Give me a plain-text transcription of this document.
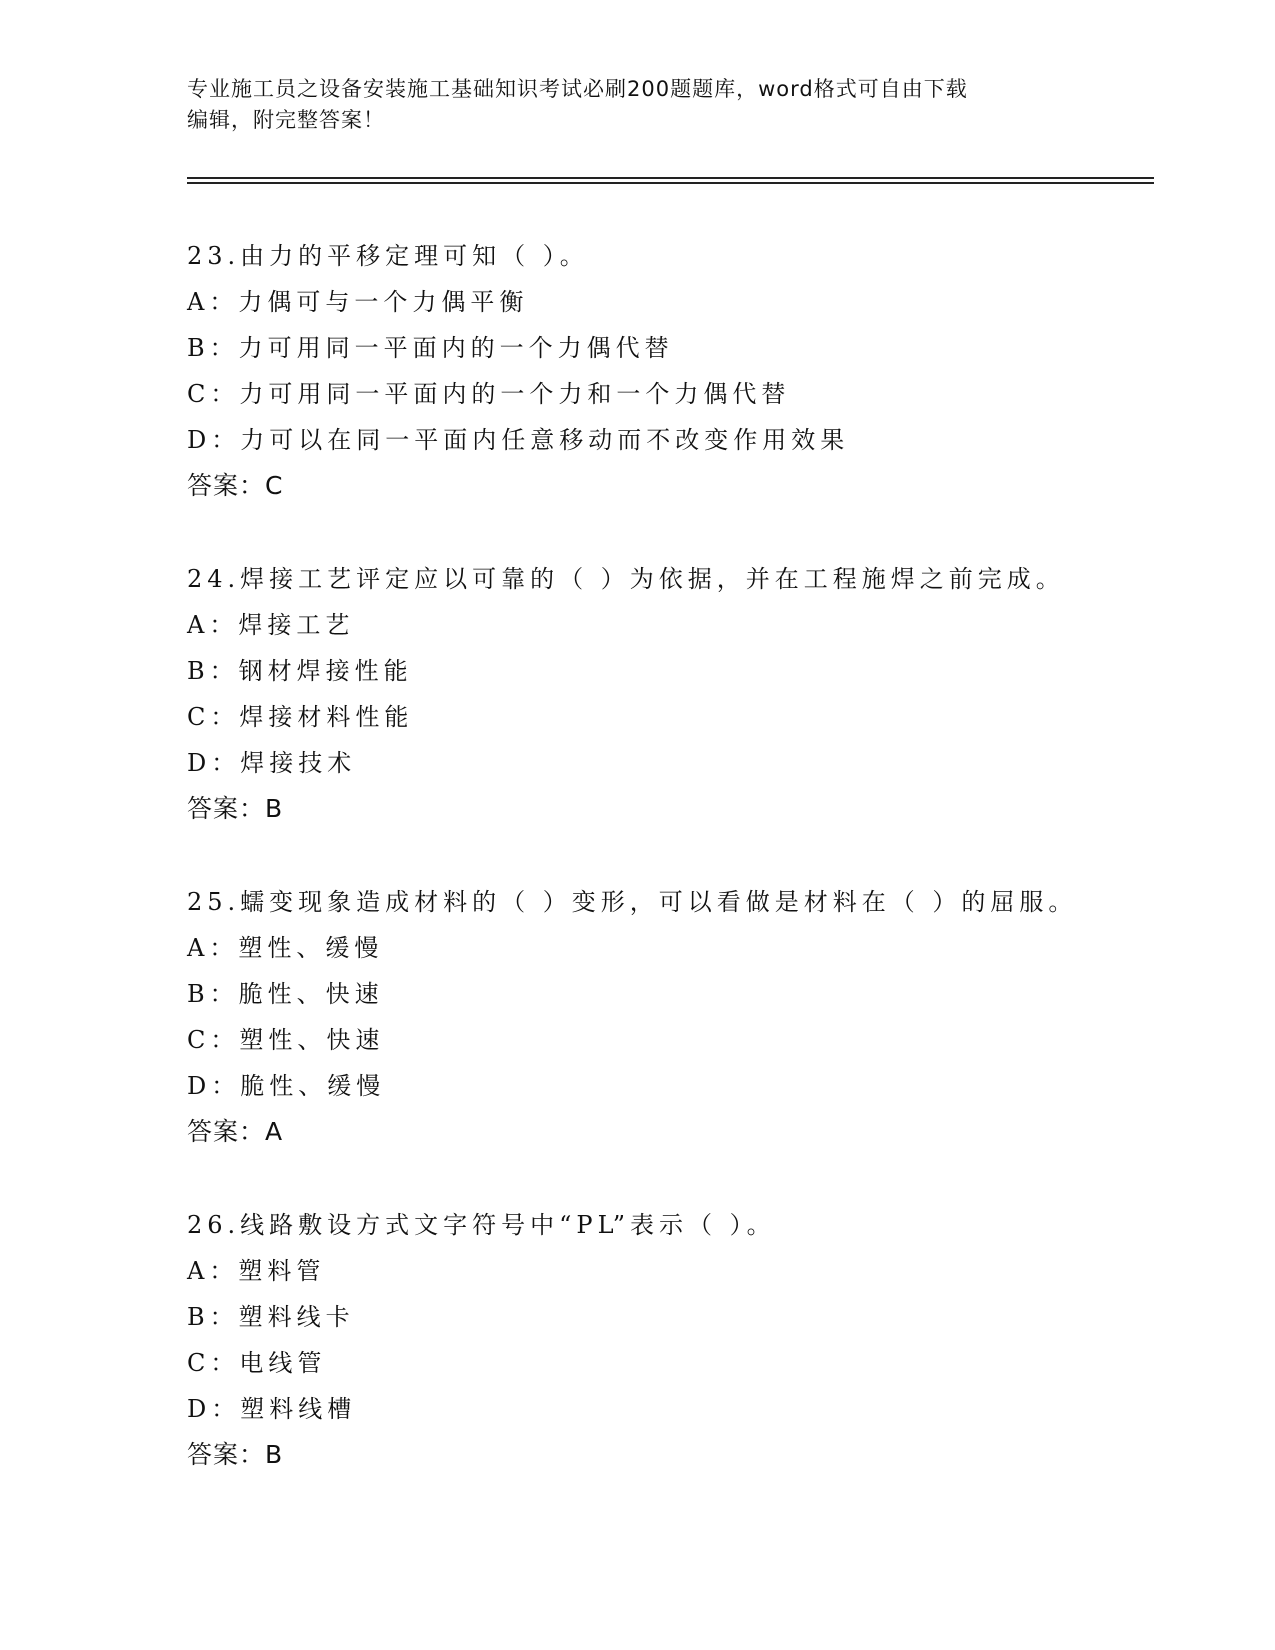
专业施工员之设备安装施工基础知识考试必刷200题题库，word格式可自由下载
编辑，附完整答案！
23.由力的平移定理可知（ ）。
A：力偶可与一个力偶平衡
B：力可用同一平面内的一个力偶代替
C：力可用同一平面内的一个力和一个力偶代替
D：力可以在同一平面内任意移动而不改变作用效果
答案：C
24.焊接工艺评定应以可靠的（ ）为依据，并在工程施焊之前完成。
A：焊接工艺
B：钢材焊接性能
C：焊接材料性能
D：焊接技术
答案：B
25.蠕变现象造成材料的（ ）变形，可以看做是材料在（ ）的屈服。
A：塑性、缓慢
B：脆性、快速
C：塑性、快速
D：脆性、缓慢
答案：A
26.线路敷设方式文字符号中“PL”表示（ ）。
A：塑料管
B：塑料线卡
C：电线管
D：塑料线槽
答案：B
